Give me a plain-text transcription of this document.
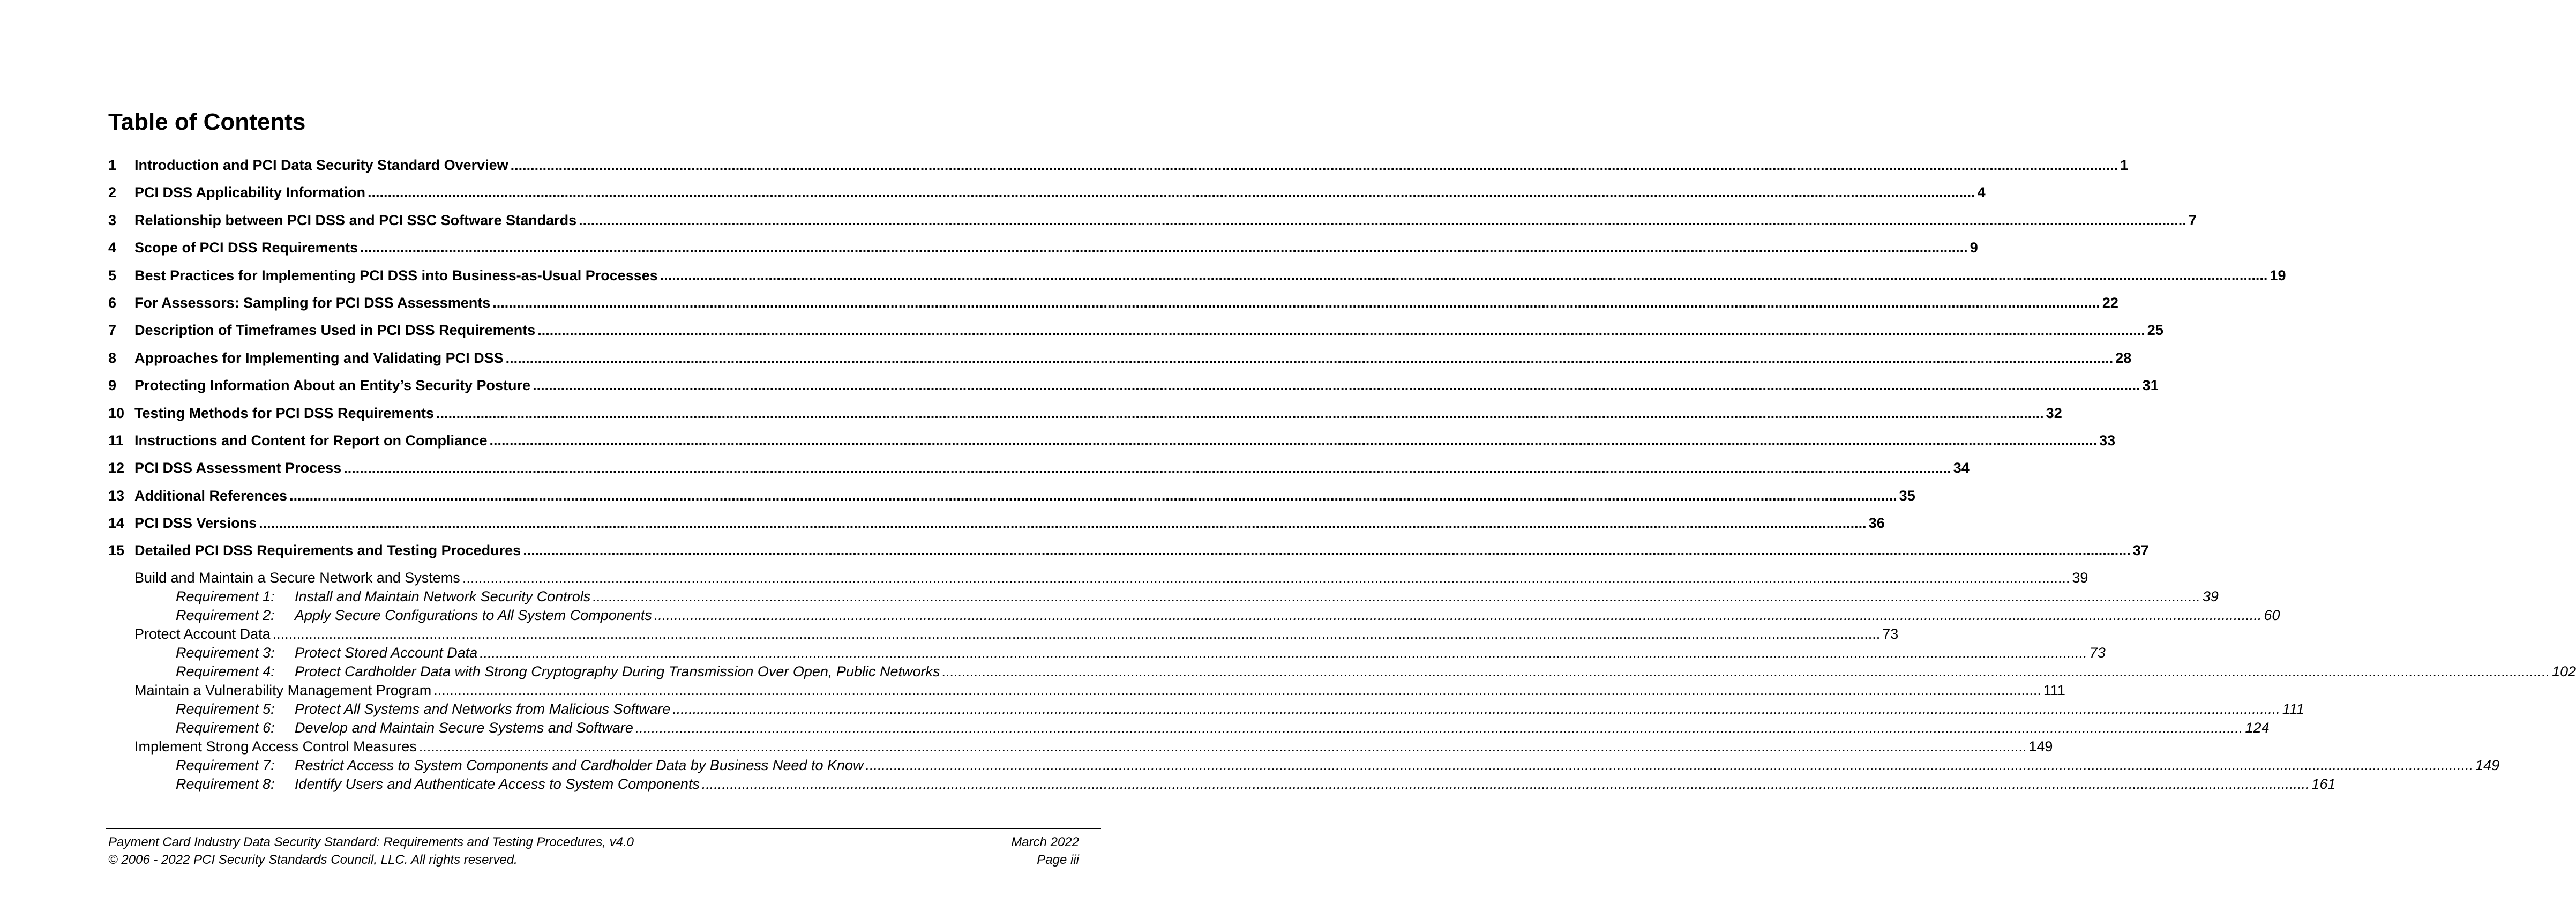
Table of Contents
1	Introduction and PCI Data Security Standard Overview ................................................................................................................................................................................................................................................................................................................................................................................................................ 1
2	PCI DSS Applicability Information ................................................................................................................................................................................................................................................................................................................................................................................................................ 4
3	Relationship between PCI DSS and PCI SSC Software Standards ................................................................................................................................................................................................................................................................................................................................................................................................................ 7
4	Scope of PCI DSS Requirements ................................................................................................................................................................................................................................................................................................................................................................................................................ 9
5	Best Practices for Implementing PCI DSS into Business-as-Usual Processes ................................................................................................................................................................................................................................................................................................................................................................................................................ 19
6	For Assessors: Sampling for PCI DSS Assessments ................................................................................................................................................................................................................................................................................................................................................................................................................ 22
7	Description of Timeframes Used in PCI DSS Requirements ................................................................................................................................................................................................................................................................................................................................................................................................................ 25
8	Approaches for Implementing and Validating PCI DSS ................................................................................................................................................................................................................................................................................................................................................................................................................ 28
9	Protecting Information About an Entity’s Security Posture ................................................................................................................................................................................................................................................................................................................................................................................................................ 31
10 Testing Methods for PCI DSS Requirements ................................................................................................................................................................................................................................................................................................................................................................................................................ 32
11 Instructions and Content for Report on Compliance ................................................................................................................................................................................................................................................................................................................................................................................................................ 33
12 PCI DSS Assessment Process ................................................................................................................................................................................................................................................................................................................................................................................................................ 34
13 Additional References ................................................................................................................................................................................................................................................................................................................................................................................................................ 35
14 PCI DSS Versions ................................................................................................................................................................................................................................................................................................................................................................................................................ 36
15 Detailed PCI DSS Requirements and Testing Procedures ................................................................................................................................................................................................................................................................................................................................................................................................................ 37
Build and Maintain a Secure Network and Systems ................................................................................................................................................................................................................................................................................................................................................................................................................ 39
Requirement 1:	Install and Maintain Network Security Controls ................................................................................................................................................................................................................................................................................................................................................................................................................ 39
Requirement 2:	Apply Secure Configurations to All System Components ................................................................................................................................................................................................................................................................................................................................................................................................................ 60
Protect Account Data ................................................................................................................................................................................................................................................................................................................................................................................................................ 73
Requirement 3:	Protect Stored Account Data ................................................................................................................................................................................................................................................................................................................................................................................................................ 73
Requirement 4:	Protect Cardholder Data with Strong Cryptography During Transmission Over Open, Public Networks ................................................................................................................................................................................................................................................................................................................................................................................................................ 102
Maintain a Vulnerability Management Program ................................................................................................................................................................................................................................................................................................................................................................................................................ 111
Requirement 5:	Protect All Systems and Networks from Malicious Software ................................................................................................................................................................................................................................................................................................................................................................................................................ 111
Requirement 6:	Develop and Maintain Secure Systems and Software ................................................................................................................................................................................................................................................................................................................................................................................................................ 124
Implement Strong Access Control Measures ................................................................................................................................................................................................................................................................................................................................................................................................................ 149
Requirement 7:	Restrict Access to System Components and Cardholder Data by Business Need to Know ................................................................................................................................................................................................................................................................................................................................................................................................................ 149
Requirement 8:	Identify Users and Authenticate Access to System Components ................................................................................................................................................................................................................................................................................................................................................................................................................ 161
Payment Card Industry Data Security Standard: Requirements and Testing Procedures, v4.0	March 2022
© 2006 - 2022 PCI Security Standards Council, LLC. All rights reserved.	Page iii
